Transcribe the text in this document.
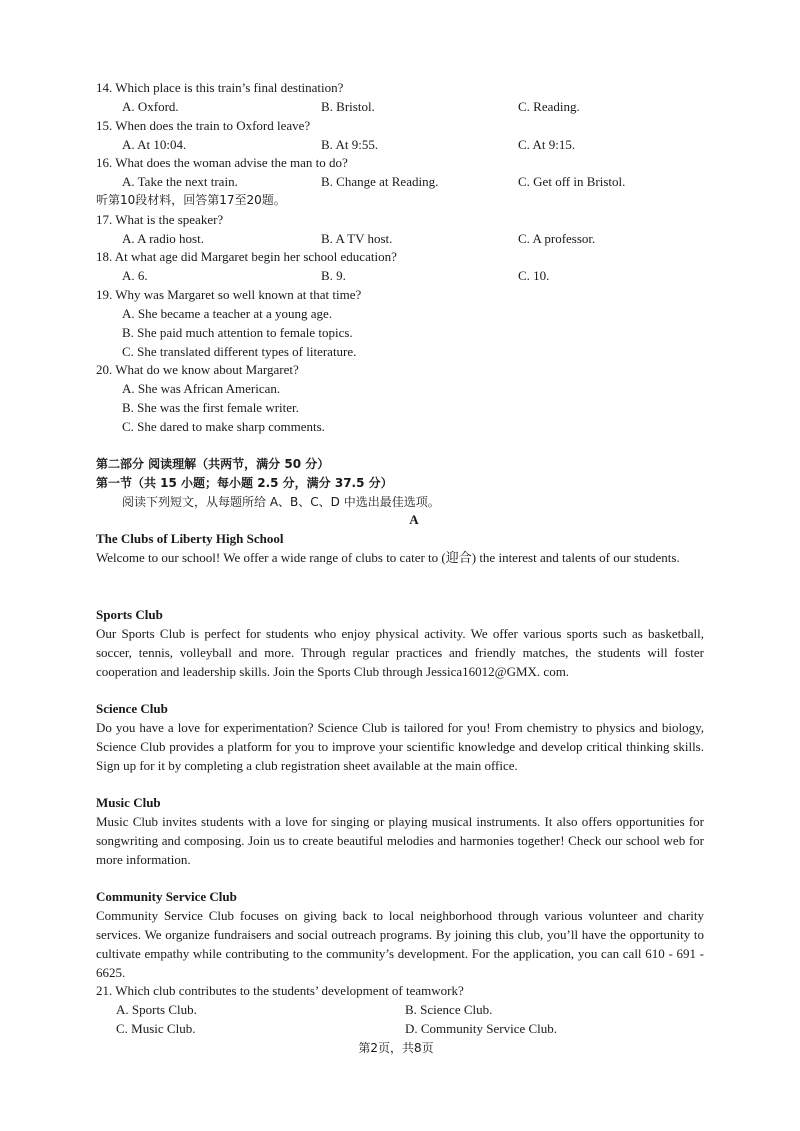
14. Which place is this train’s final destination?
A. Oxford.	B. Bristol.	C. Reading.
15. When does the train to Oxford leave?
A. At 10:04.	B. At 9:55.	C. At 9:15.
16. What does the woman advise the man to do?
A. Take the next train.	B. Change at Reading.	C. Get off in Bristol.
听第10段材料，回答第17至20题。
17. What is the speaker?
A. A radio host.	B. A TV host.	C. A professor.
18. At what age did Margaret begin her school education?
A. 6.	B. 9.	C. 10.
19. Why was Margaret so well known at that time?
A. She became a teacher at a young age.
B. She paid much attention to female topics.
C. She translated different types of literature.
20. What do we know about Margaret?
A. She was African American.
B. She was the first female writer.
C. She dared to make sharp comments.
第二部分 阅读理解（共两节，满分 50 分）
第一节（共 15 小题；每小题 2.5 分，满分 37.5 分）
阅读下列短文，从每题所给 A、B、C、D 中选出最佳选项。
A
The Clubs of Liberty High School
Welcome to our school! We offer a wide range of clubs to cater to (迎合) the interest and talents of our students.
Sports Club
Our Sports Club is perfect for students who enjoy physical activity. We offer various sports such as basketball, soccer, tennis, volleyball and more. Through regular practices and friendly matches, the students will foster cooperation and leadership skills. Join the Sports Club through Jessica16012@GMX. com.
Science Club
Do you have a love for experimentation? Science Club is tailored for you! From chemistry to physics and biology, Science Club provides a platform for you to improve your scientific knowledge and develop critical thinking skills. Sign up for it by completing a club registration sheet available at the main office.
Music Club
Music Club invites students with a love for singing or playing musical instruments. It also offers opportunities for songwriting and composing. Join us to create beautiful melodies and harmonies together! Check our school web for more information.
Community Service Club
Community Service Club focuses on giving back to local neighborhood through various volunteer and charity services. We organize fundraisers and social outreach programs. By joining this club, you’ll have the opportunity to cultivate empathy while contributing to the community’s development. For the application, you can call 610 - 691 - 6625.
21. Which club contributes to the students’ development of teamwork?
A. Sports Club.	B. Science Club.
C. Music Club.	D. Community Service Club.
第2页，共8页
